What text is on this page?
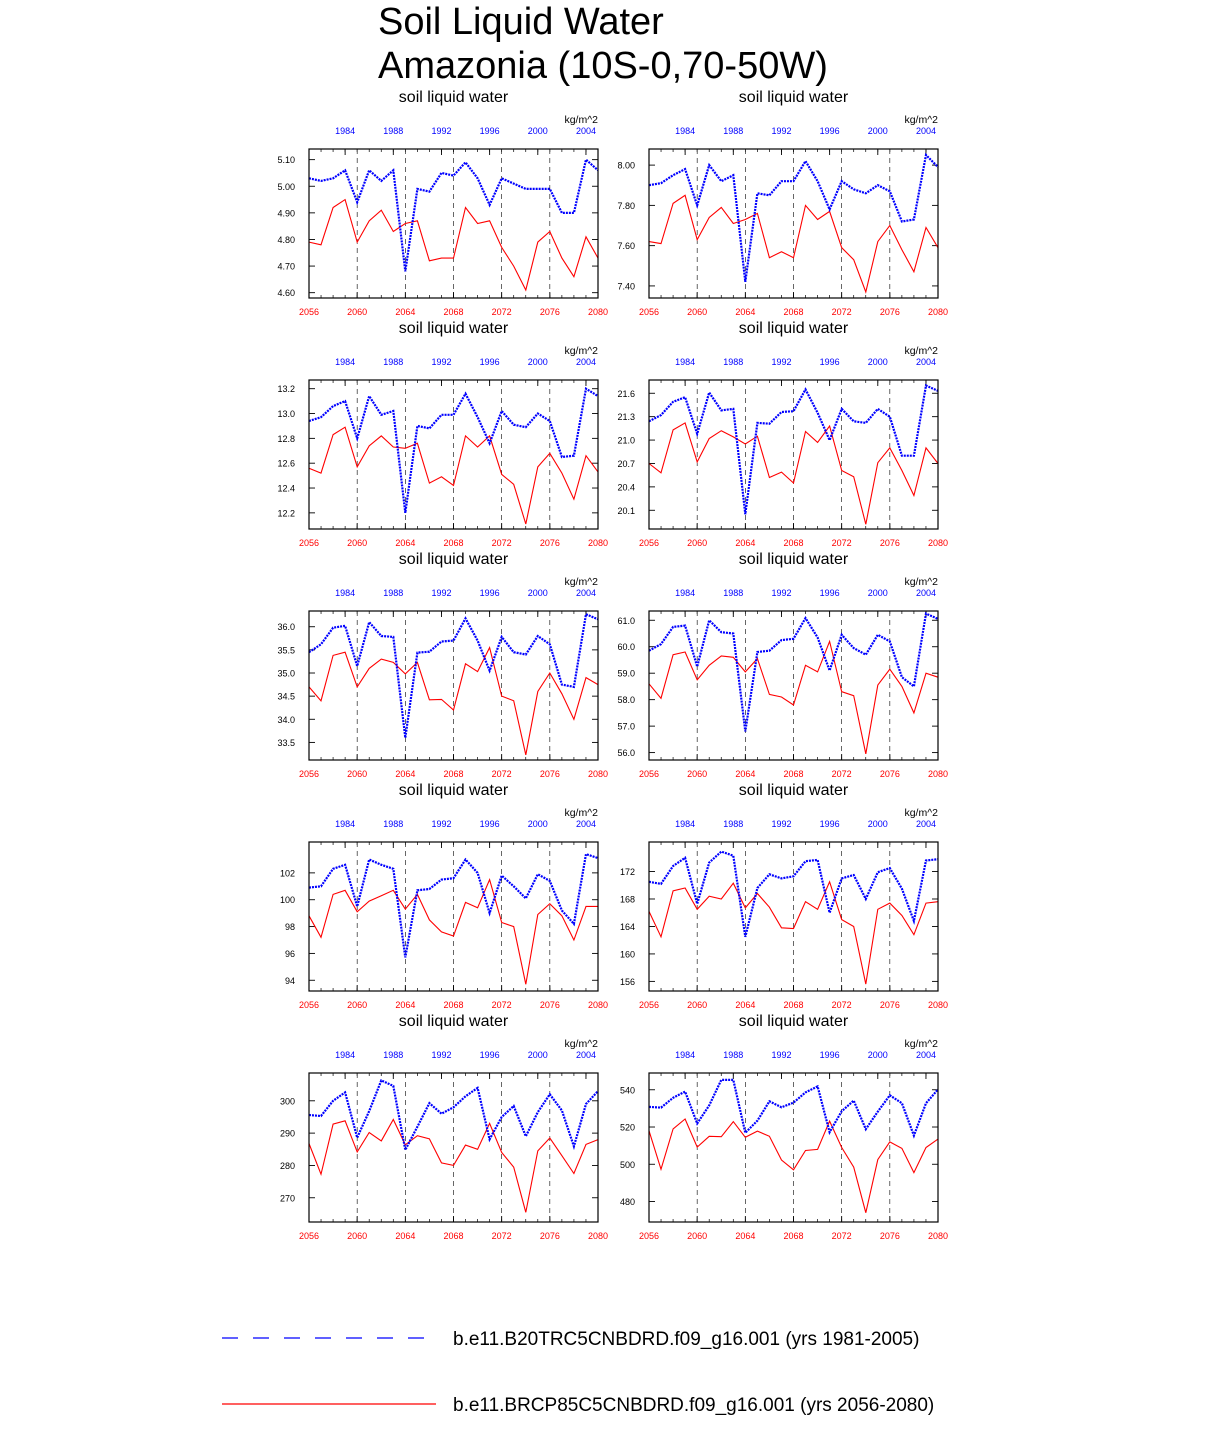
Soil Liquid Water
Amazonia (10S-0,70-50W)
soil liquid water
kg/m^2
2056	2060	2064	2068	2072	2076	2080
1984	1988	1992	1996	2000	2004
4.60
4.70
4.80
4.90
5.00
5.10
soil liquid water
kg/m^2
2056	2060	2064	2068	2072	2076	2080
1984	1988	1992	1996	2000	2004
7.40
7.60
7.80
8.00
soil liquid water
kg/m^2
2056	2060	2064	2068	2072	2076	2080
1984	1988	1992	1996	2000	2004
12.2
12.4
12.6
12.8
13.0
13.2
soil liquid water
kg/m^2
2056	2060	2064	2068	2072	2076	2080
1984	1988	1992	1996	2000	2004
20.1
20.4
20.7
21.0
21.3
21.6
soil liquid water
kg/m^2
2056	2060	2064	2068	2072	2076	2080
1984	1988	1992	1996	2000	2004
33.5
34.0
34.5
35.0
35.5
36.0
soil liquid water
kg/m^2
2056	2060	2064	2068	2072	2076	2080
1984	1988	1992	1996	2000	2004
56.0
57.0
58.0
59.0
60.0
61.0
soil liquid water
kg/m^2
2056	2060	2064	2068	2072	2076	2080
1984	1988	1992	1996	2000	2004
94
96
98
100
102
soil liquid water
kg/m^2
2056	2060	2064	2068	2072	2076	2080
1984	1988	1992	1996	2000	2004
156
160
164
168
172
soil liquid water
kg/m^2
2056	2060	2064	2068	2072	2076	2080
1984	1988	1992	1996	2000	2004
270
280
290
300
soil liquid water
kg/m^2
2056	2060	2064	2068	2072	2076	2080
1984	1988	1992	1996	2000	2004
480
500
520
540
b.e11.B20TRC5CNBDRD.f09_g16.001 (yrs 1981-2005)
b.e11.BRCP85C5CNBDRD.f09_g16.001 (yrs 2056-2080)
